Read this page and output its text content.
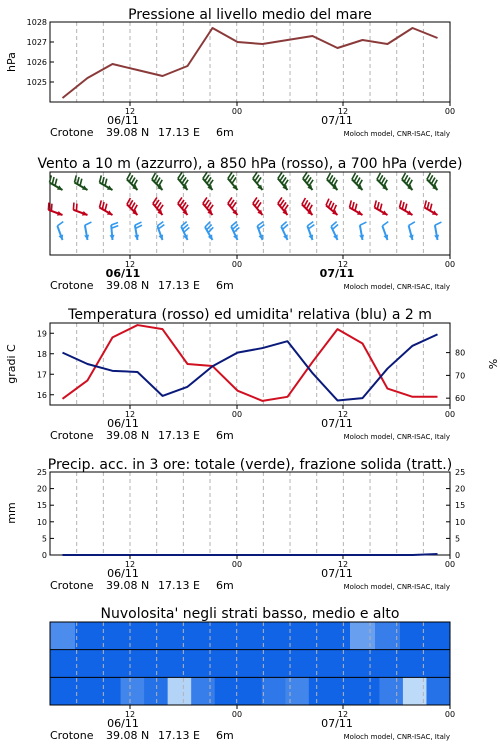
Pressione al livello medio del mare
1025
1026
1027
1028
hPa
12	00	12	00
06/11	07/11
Crotone 39.08 N 17.13 E 6m	Moloch model, CNR-ISAC, Italy
Vento a 10 m (azzurro), a 850 hPa (rosso), a 700 hPa (verde)
12	00	12	00
06/11	07/11
Crotone 39.08 N 17.13 E 6m	Moloch model, CNR-ISAC, Italy
Temperatura (rosso) ed umidita' relativa (blu) a 2 m
16
17
18
19
60
70
80
gradi C	%
12	00	12	00
06/11	07/11
Crotone 39.08 N 17.13 E 6m	Moloch model, CNR-ISAC, Italy
Precip. acc. in 3 ore: totale (verde), frazione solida (tratt.)
0
5
10
15
20
25
0
5
10
15
20
25
mm
12	00	12	00
06/11	07/11
Crotone 39.08 N 17.13 E 6m	Moloch model, CNR-ISAC, Italy
Nuvolosita' negli strati basso, medio e alto
12	00	12	00
06/11	07/11
Crotone 39.08 N 17.13 E 6m	Moloch model, CNR-ISAC, Italy
